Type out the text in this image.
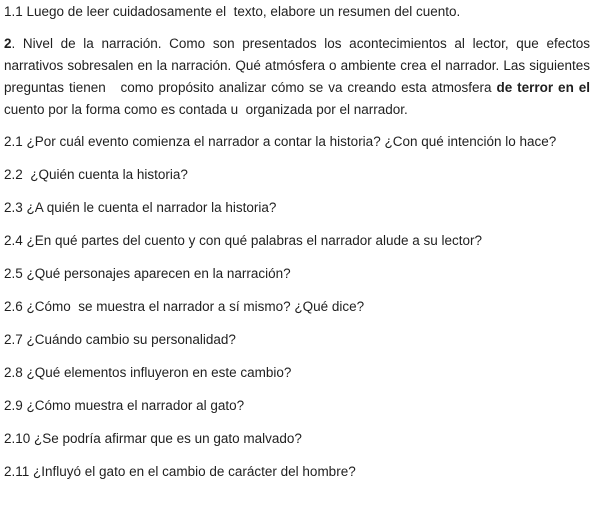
1.1 Luego de leer cuidadosamente el  texto, elabore un resumen del cuento.

2. Nivel de la narración. Como son presentados los acontecimientos al lector, que efectos
narrativos sobresalen en la narración. Qué atmósfera o ambiente crea el narrador. Las siguientes
preguntas tienen   como propósito analizar cómo se va creando esta atmosfera de terror en el
cuento por la forma como es contada u  organizada por el narrador.

2.1 ¿Por cuál evento comienza el narrador a contar la historia? ¿Con qué intención lo hace?

2.2  ¿Quién cuenta la historia?

2.3 ¿A quién le cuenta el narrador la historia?

2.4 ¿En qué partes del cuento y con qué palabras el narrador alude a su lector?

2.5 ¿Qué personajes aparecen en la narración?

2.6 ¿Cómo  se muestra el narrador a sí mismo? ¿Qué dice?

2.7 ¿Cuándo cambio su personalidad?

2.8 ¿Qué elementos influyeron en este cambio?

2.9 ¿Cómo muestra el narrador al gato?

2.10 ¿Se podría afirmar que es un gato malvado?

2.11 ¿Influyó el gato en el cambio de carácter del hombre?
